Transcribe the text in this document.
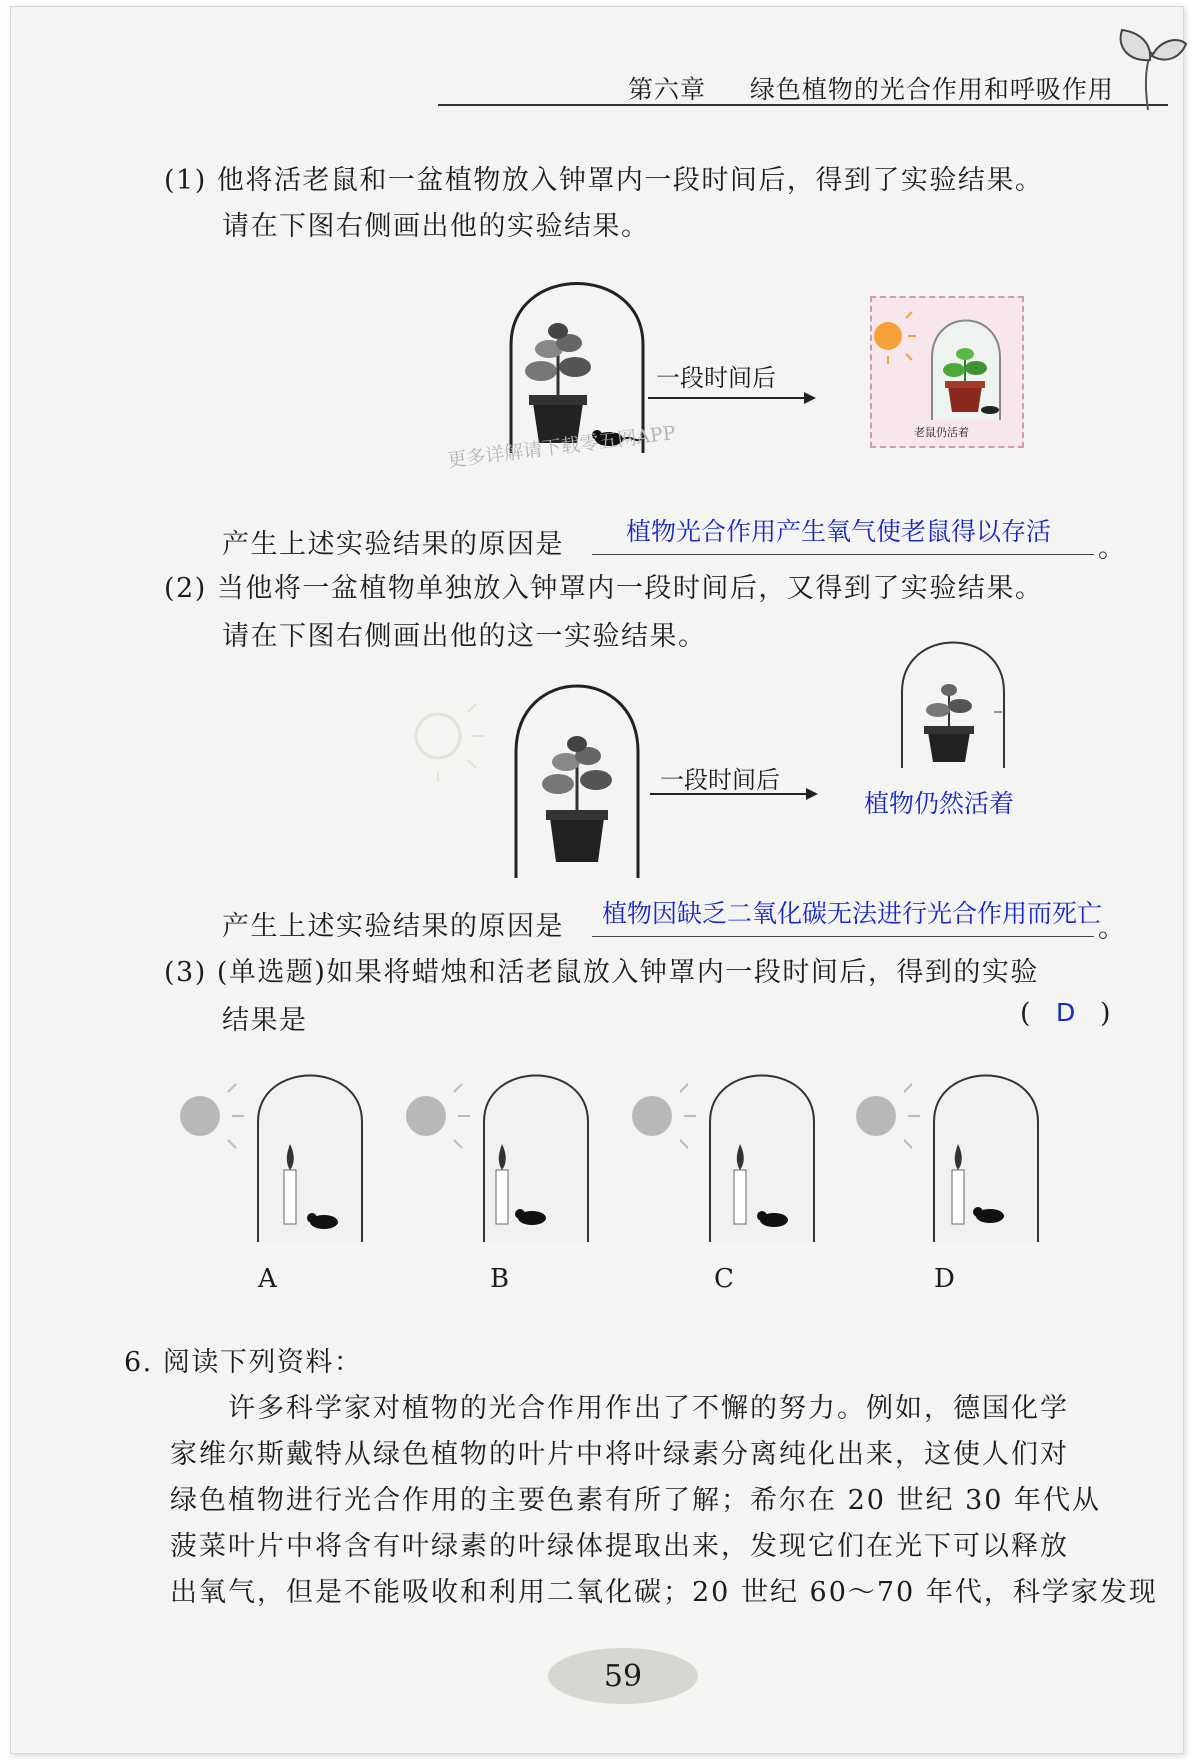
第六章 绿色植物的光合作用和呼吸作用
(1) 他将活老鼠和一盆植物放入钟罩内一段时间后，得到了实验结果。
请在下图右侧画出他的实验结果。
一段时间后
老鼠仍活着
更多详解请下载零五网APP
产生上述实验结果的原因是 植物光合作用产生氧气使老鼠得以存活
。
(2) 当他将一盆植物单独放入钟罩内一段时间后，又得到了实验结果。
请在下图右侧画出他的这一实验结果。
一段时间后
植物仍然活着
产生上述实验结果的原因是 植物因缺乏二氧化碳无法进行光合作用而死亡
。
(3) (单选题)如果将蜡烛和活老鼠放入钟罩内一段时间后，得到的实验
结果是	( D )
A	B	C	D
6. 阅读下列资料：
许多科学家对植物的光合作用作出了不懈的努力。例如，德国化学
家维尔斯戴特从绿色植物的叶片中将叶绿素分离纯化出来，这使人们对
绿色植物进行光合作用的主要色素有所了解；希尔在 20 世纪 30 年代从
菠菜叶片中将含有叶绿素的叶绿体提取出来，发现它们在光下可以释放
出氧气，但是不能吸收和利用二氧化碳；20 世纪 60～70 年代，科学家发现
59
